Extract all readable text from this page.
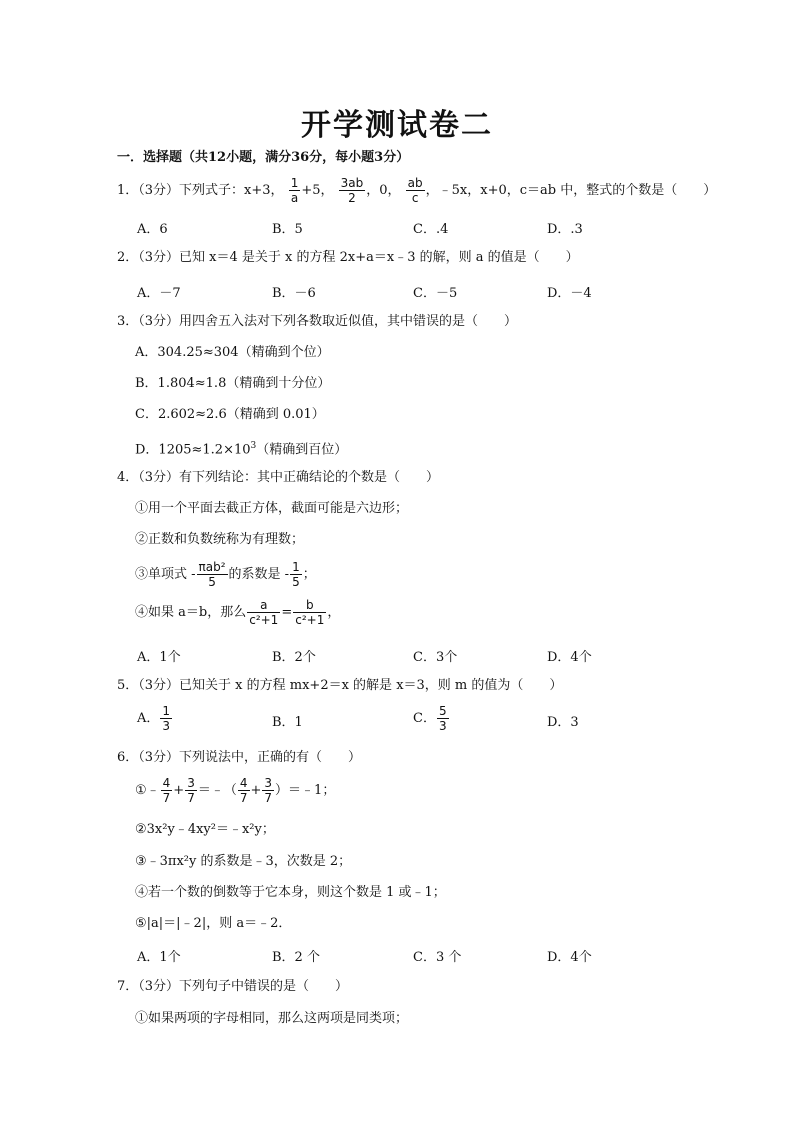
开学测试卷二
一．选择题（共12小题，满分36分，每小题3分）
1．（3分）下列式子：x+3， $\frac{1}{a} +5$， $\frac{3ab}{2}$ ，0， $\frac{ab}{c}$ ，﹣5x，x+0，c＝ab 中，整式的个数是（　　）
A．6	B．5	C．.4	D．.3
2．（3分）已知 x＝4 是关于 x 的方程 2x+a＝x﹣3 的解，则 a 的值是（　　）
A．－7	B．－6	C．－5	D．－4
3．（3分）用四舍五入法对下列各数取近似值，其中错误的是（　　）
A．304.25≈304（精确到个位）
B．1.804≈1.8（精确到十分位）
C．2.602≈2.6（精确到 0.01）
D．$1205\approx 1.2\times 10^3$（精确到百位）
4．（3分）有下列结论：其中正确结论的个数是（　　）
①用一个平面去截正方体，截面可能是六边形；
②正数和负数统称为有理数；
③单项式 - $\frac{\text{πab²}}{5}$ 的系数是 - $\frac{1}{5}$ ；
④如果 a＝b，那么 $\frac{a}{\text{c²+1}} = \frac{b}{\text{c²+1}}$ ，
A．1个	B．2个	C．3个	D．4个
5．（3分）已知关于 x 的方程 mx+2＝x 的解是 x＝3，则 m 的值为（　　）
A． $\frac{1}{3}$	B．1	C． $\frac{5}{3}$	D．3
6．（3分）下列说法中，正确的有（　　）
①﹣ $\frac{4}{7} + \frac{3}{7}$ ＝﹣（ $\frac{4}{7} + \frac{3}{7}$ ）＝﹣1；
②3x²y﹣4xy²＝﹣x²y；
③﹣3πx²y 的系数是﹣3，次数是 2；
④若一个数的倒数等于它本身，则这个数是 1 或﹣1；
⑤|a|＝|﹣2|，则 a＝﹣2．
A．1个	B．2 个	C．3 个	D．4个
7．（3分）下列句子中错误的是（　　）
①如果两项的字母相同，那么这两项是同类项；
